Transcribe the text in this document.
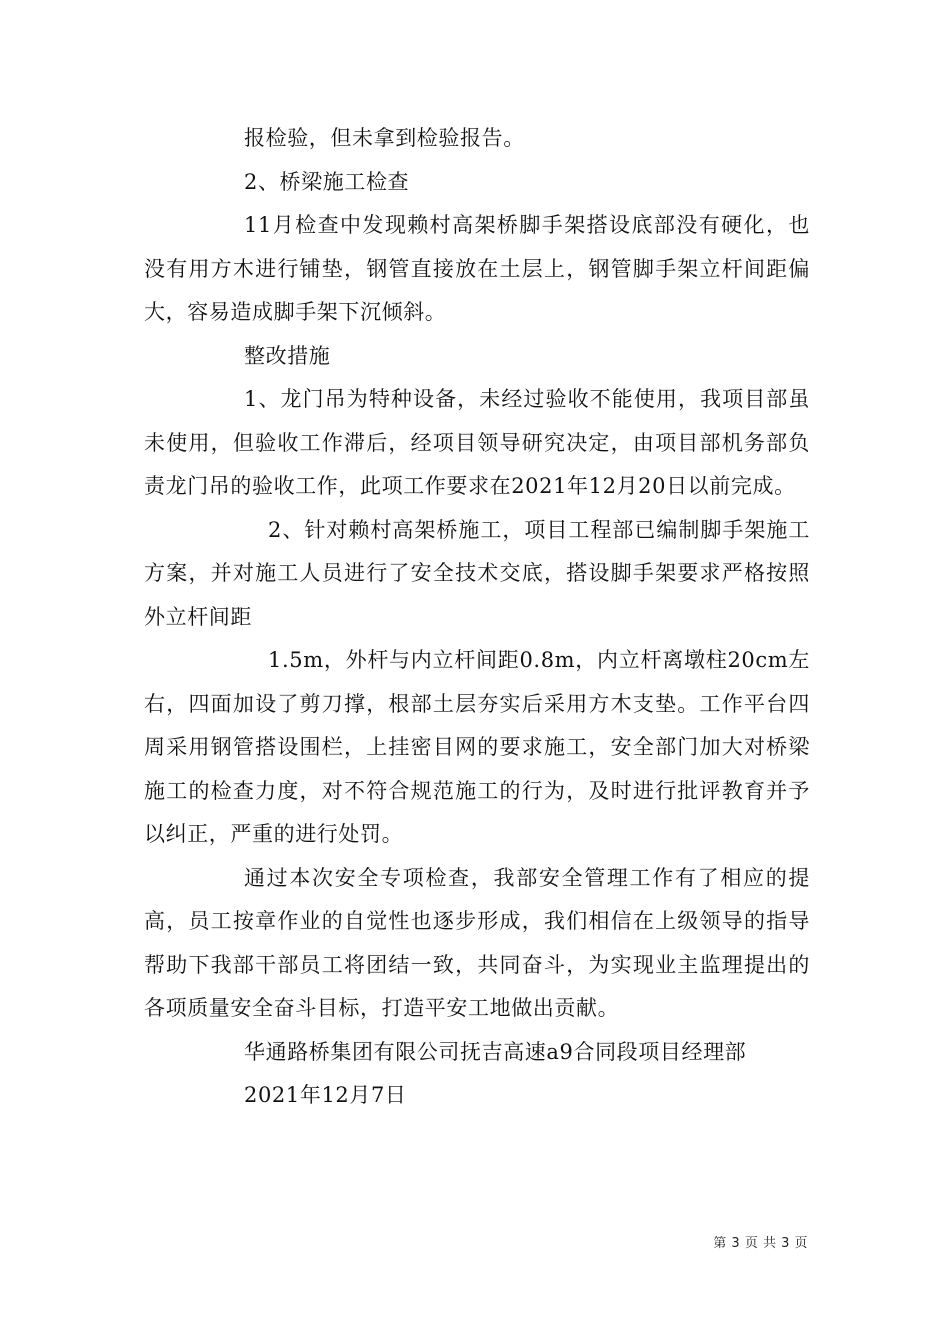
报检验，但未拿到检验报告。

2、桥梁施工检查

11月检查中发现赖村高架桥脚手架搭设底部没有硬化，也没有用方木进行铺垫，钢管直接放在土层上，钢管脚手架立杆间距偏大，容易造成脚手架下沉倾斜。

整改措施

1、龙门吊为特种设备，未经过验收不能使用，我项目部虽未使用，但验收工作滞后，经项目领导研究决定，由项目部机务部负责龙门吊的验收工作，此项工作要求在2021年12月20日以前完成。

2、针对赖村高架桥施工，项目工程部已编制脚手架施工方案，并对施工人员进行了安全技术交底，搭设脚手架要求严格按照外立杆间距

1.5m，外杆与内立杆间距0.8m，内立杆离墩柱20cm左右，四面加设了剪刀撑，根部土层夯实后采用方木支垫。工作平台四周采用钢管搭设围栏，上挂密目网的要求施工，安全部门加大对桥梁施工的检查力度，对不符合规范施工的行为，及时进行批评教育并予以纠正，严重的进行处罚。

通过本次安全专项检查，我部安全管理工作有了相应的提高，员工按章作业的自觉性也逐步形成，我们相信在上级领导的指导帮助下我部干部员工将团结一致，共同奋斗，为实现业主监理提出的各项质量安全奋斗目标，打造平安工地做出贡献。

华通路桥集团有限公司抚吉高速a9合同段项目经理部

2021年12月7日

第 3 页 共 3 页
